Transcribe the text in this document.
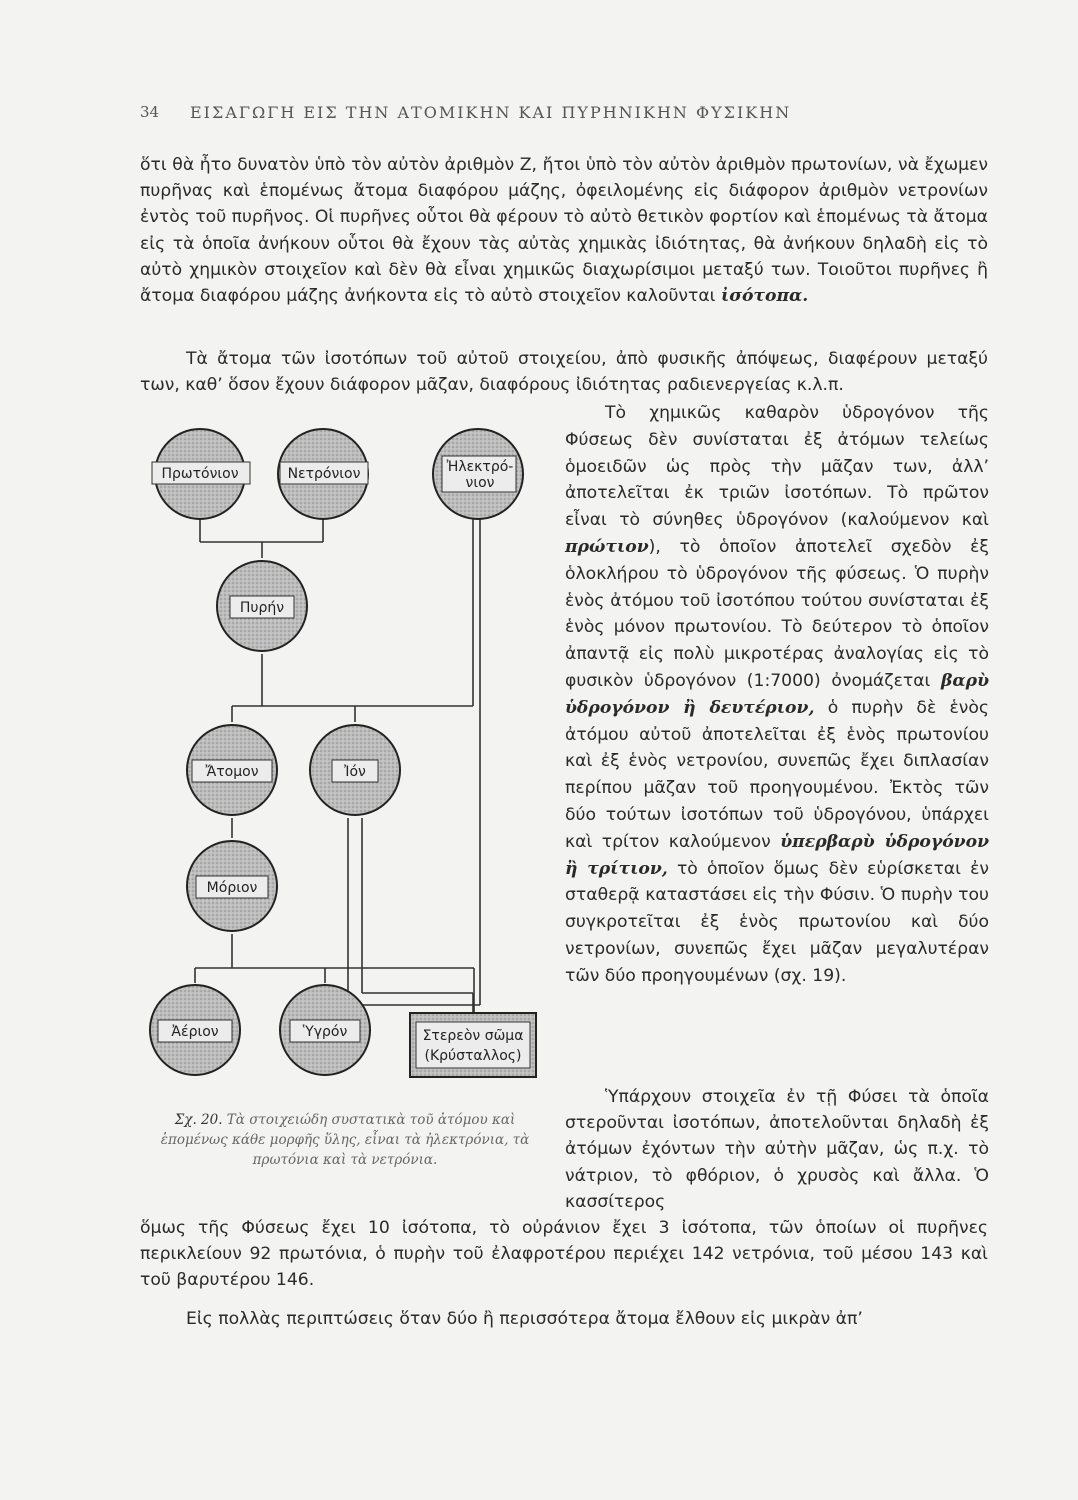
34 ΕΙΣΑΓΩΓΗ ΕΙΣ ΤΗΝ ΑΤΟΜΙΚΗΝ ΚΑΙ ΠΥΡΗΝΙΚΗΝ ΦΥΣΙΚΗΝ

ὅτι θὰ ἦτο δυνατὸν ὑπὸ τὸν αὐτὸν ἀριθμὸν Z, ἤτοι ὑπὸ τὸν αὐτὸν ἀριθμὸν πρωτονίων, νὰ ἔχωμεν πυρῆνας καὶ ἑπομένως ἄτομα διαφόρου μάζης, ὀφειλομένης εἰς διάφορον ἀριθμὸν νετρονίων ἐντὸς τοῦ πυρῆνος. Οἱ πυρῆνες οὗτοι θὰ φέρουν τὸ αὐτὸ θετικὸν φορτίον καὶ ἑπομένως τὰ ἄτομα εἰς τὰ ὁποῖα ἀνήκουν οὗτοι θὰ ἔχουν τὰς αὐτὰς χημικὰς ἰδιότητας, θὰ ἀνήκουν δηλαδὴ εἰς τὸ αὐτὸ χημικὸν στοιχεῖον καὶ δὲν θὰ εἶναι χημικῶς διαχωρίσιμοι μεταξύ των. Τοιοῦτοι πυρῆνες ἢ ἄτομα διαφόρου μάζης ἀνήκοντα εἰς τὸ αὐτὸ στοιχεῖον καλοῦνται ἰσότοπα.

Τὰ ἄτομα τῶν ἰσοτόπων τοῦ αὐτοῦ στοιχείου, ἀπὸ φυσικῆς ἀπόψεως, διαφέρουν μεταξύ των, καθ’ ὅσον ἔχουν διάφορον μᾶζαν, διαφόρους ἰδιότητας ραδιενεργείας κ.λ.π.

Τὸ χημικῶς καθαρὸν ὑδρογόνον τῆς Φύσεως δὲν συνίσταται ἐξ ἀτόμων τελείως ὁμοειδῶν ὡς πρὸς τὴν μᾶζαν των, ἀλλ’ ἀποτελεῖται ἐκ τριῶν ἰσοτόπων. Τὸ πρῶτον εἶναι τὸ σύνηθες ὑδρογόνον (καλούμενον καὶ πρώτιον), τὸ ὁποῖον ἀποτελεῖ σχεδὸν ἐξ ὁλοκλήρου τὸ ὑδρογόνον τῆς φύσεως. Ὁ πυρὴν ἑνὸς ἀτόμου τοῦ ἰσοτόπου τούτου συνίσταται ἐξ ἑνὸς μόνον πρωτονίου. Τὸ δεύτερον τὸ ὁποῖον ἀπαντᾷ εἰς πολὺ μικροτέρας ἀναλογίας εἰς τὸ φυσικὸν ὑδρογόνον (1:7000) ὀνομάζεται βαρὺ ὑδρογόνον ἢ δευτέριον, ὁ πυρὴν δὲ ἑνὸς ἀτόμου αὐτοῦ ἀποτελεῖται ἐξ ἑνὸς πρωτονίου καὶ ἐξ ἑνὸς νετρονίου, συνεπῶς ἔχει διπλασίαν περίπου μᾶζαν τοῦ προηγουμένου. Ἐκτὸς τῶν δύο τούτων ἰσοτόπων τοῦ ὑδρογόνου, ὑπάρχει καὶ τρίτον καλούμενον ὑπερβαρὺ ὑδρογόνον ἢ τρίτιον, τὸ ὁποῖον ὅμως δὲν εὑρίσκεται ἐν σταθερᾷ καταστάσει εἰς τὴν Φύσιν. Ὁ πυρὴν του συγκροτεῖται ἐξ ἑνὸς πρωτονίου καὶ δύο νετρονίων, συνεπῶς ἔχει μᾶζαν μεγαλυτέραν τῶν δύο προηγουμένων (σχ. 19).

Ὑπάρχουν στοιχεῖα ἐν τῇ Φύσει τὰ ὁποῖα στεροῦνται ἰσοτόπων, ἀποτελοῦνται δηλαδὴ ἐξ ἀτόμων ἐχόντων τὴν αὐτὴν μᾶζαν, ὡς π.χ. τὸ νάτριον, τὸ φθόριον, ὁ χρυσὸς καὶ ἄλλα. Ὁ κασσίτερος

ὅμως τῆς Φύσεως ἔχει 10 ἰσότοπα, τὸ οὐράνιον ἔχει 3 ἰσότοπα, τῶν ὁποίων οἱ πυρῆνες περικλείουν 92 πρωτόνια, ὁ πυρὴν τοῦ ἐλαφροτέρου περιέχει 142 νετρόνια, τοῦ μέσου 143 καὶ τοῦ βαρυτέρου 146.

Εἰς πολλὰς περιπτώσεις ὅταν δύο ἢ περισσότερα ἄτομα ἔλθουν εἰς μικρὰν ἀπ’

Πρωτόνιον	Νετρόνιον	Ἠλεκτρό-
νιον
Πυρήν
Ἄτομον	Ἰόν
Μόριον
Ἀέριον	Ὑγρόν	Στερεὸν σῶμα
(Κρύσταλλος)

Σχ. 20. Τὰ στοιχειώδη συστατικὰ τοῦ ἀτόμου καὶ ἑπομένως κάθε μορφῆς ὕλης, εἶναι τὰ ἠλεκτρόνια, τὰ πρωτόνια καὶ τὰ νετρόνια.
